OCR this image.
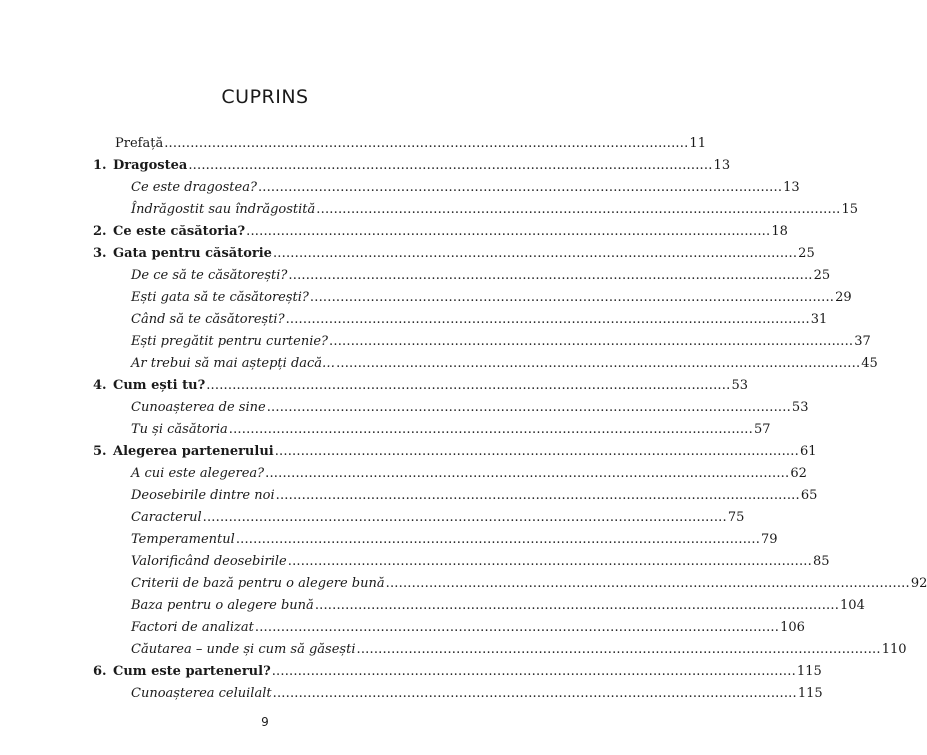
CUPRINS
Prefață ......................................................................................................................... 11
1. Dragostea ......................................................................................................................... 13
Ce este dragostea? ......................................................................................................................... 13
Îndrăgostit sau îndrăgostită ......................................................................................................................... 15
2. Ce este căsătoria? ......................................................................................................................... 18
3. Gata pentru căsătorie ......................................................................................................................... 25
De ce să te căsătorești? ......................................................................................................................... 25
Ești gata să te căsătorești? ......................................................................................................................... 29
Când să te căsătorești? ......................................................................................................................... 31
Ești pregătit pentru curtenie? ......................................................................................................................... 37
Ar trebui să mai aștepți dacă… ......................................................................................................................... 45
4. Cum ești tu? ......................................................................................................................... 53
Cunoașterea de sine ......................................................................................................................... 53
Tu și căsătoria ......................................................................................................................... 57
5. Alegerea partenerului ......................................................................................................................... 61
A cui este alegerea? ......................................................................................................................... 62
Deosebirile dintre noi ......................................................................................................................... 65
Caracterul ......................................................................................................................... 75
Temperamentul ......................................................................................................................... 79
Valorificând deosebirile ......................................................................................................................... 85
Criterii de bază pentru o alegere bună ......................................................................................................................... 92
Baza pentru o alegere bună ......................................................................................................................... 104
Factori de analizat ......................................................................................................................... 106
Căutarea – unde și cum să găsești ......................................................................................................................... 110
6. Cum este partenerul? ......................................................................................................................... 115
Cunoașterea celuilalt ......................................................................................................................... 115
9
